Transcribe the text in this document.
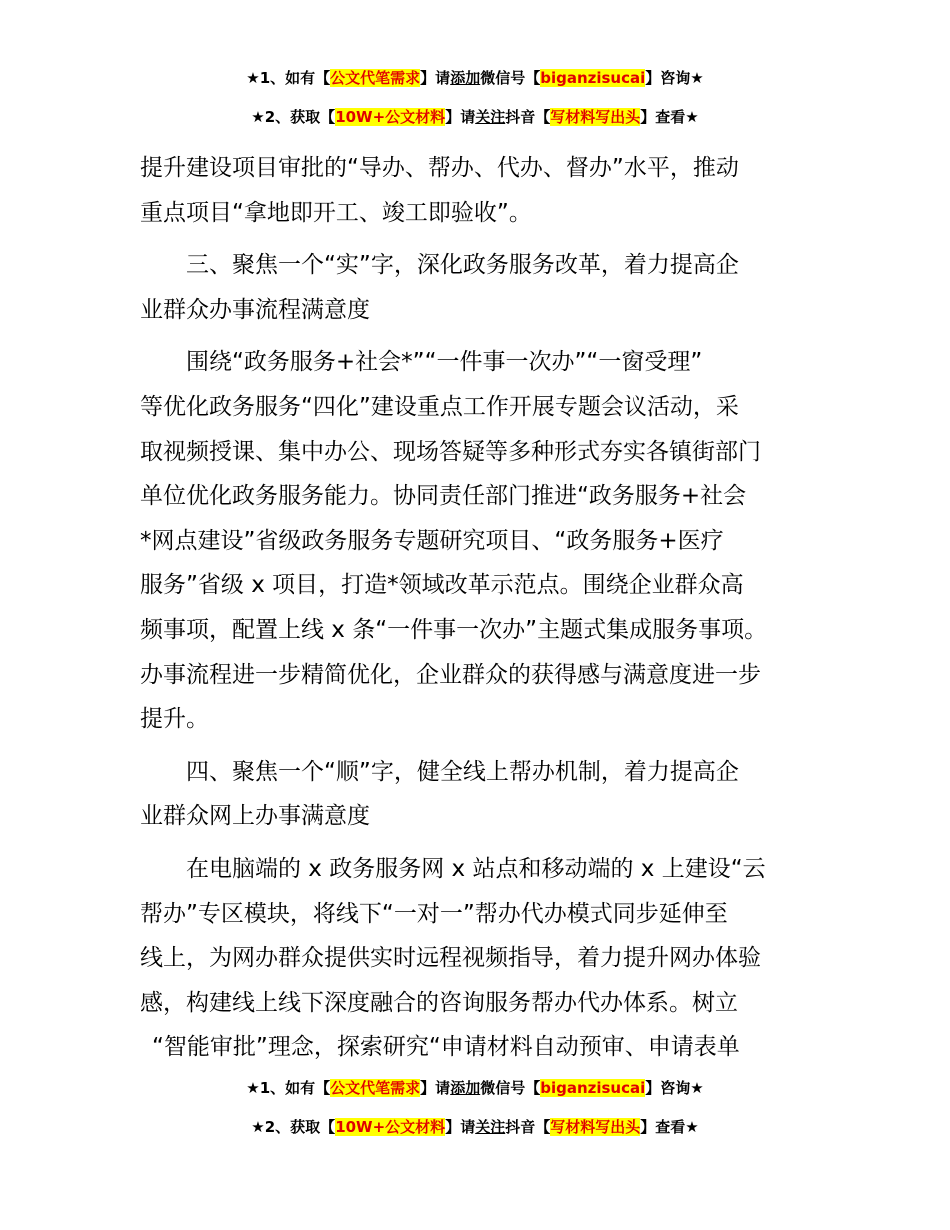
★1、如有【公文代笔需求】请添加微信号【biganzisucai】咨询★
★2、获取【10W+公文材料】请关注抖音【写材料写出头】查看★

提升建设项目审批的“导办、帮办、代办、督办”水平，推动

重点项目“拿地即开工、竣工即验收”。

三、聚焦一个“实”字，深化政务服务改革，着力提高企

业群众办事流程满意度

围绕“政务服务+社会*”“一件事一次办”“一窗受理”

等优化政务服务“四化”建设重点工作开展专题会议活动，采

取视频授课、集中办公、现场答疑等多种形式夯实各镇街部门

单位优化政务服务能力。协同责任部门推进“政务服务+社会

*网点建设”省级政务服务专题研究项目、“政务服务+医疗

服务”省级 x 项目，打造*领域改革示范点。围绕企业群众高

频事项，配置上线 x 条“一件事一次办”主题式集成服务事项。

办事流程进一步精简优化，企业群众的获得感与满意度进一步

提升。

四、聚焦一个“顺”字，健全线上帮办机制，着力提高企

业群众网上办事满意度

在电脑端的 x 政务服务网 x 站点和移动端的 x 上建设“云

帮办”专区模块，将线下“一对一”帮办代办模式同步延伸至

线上，为网办群众提供实时远程视频指导，着力提升网办体验

感，构建线上线下深度融合的咨询服务帮办代办体系。树立

“智能审批”理念，探索研究“申请材料自动预审、申请表单

★1、如有【公文代笔需求】请添加微信号【biganzisucai】咨询★
★2、获取【10W+公文材料】请关注抖音【写材料写出头】查看★
